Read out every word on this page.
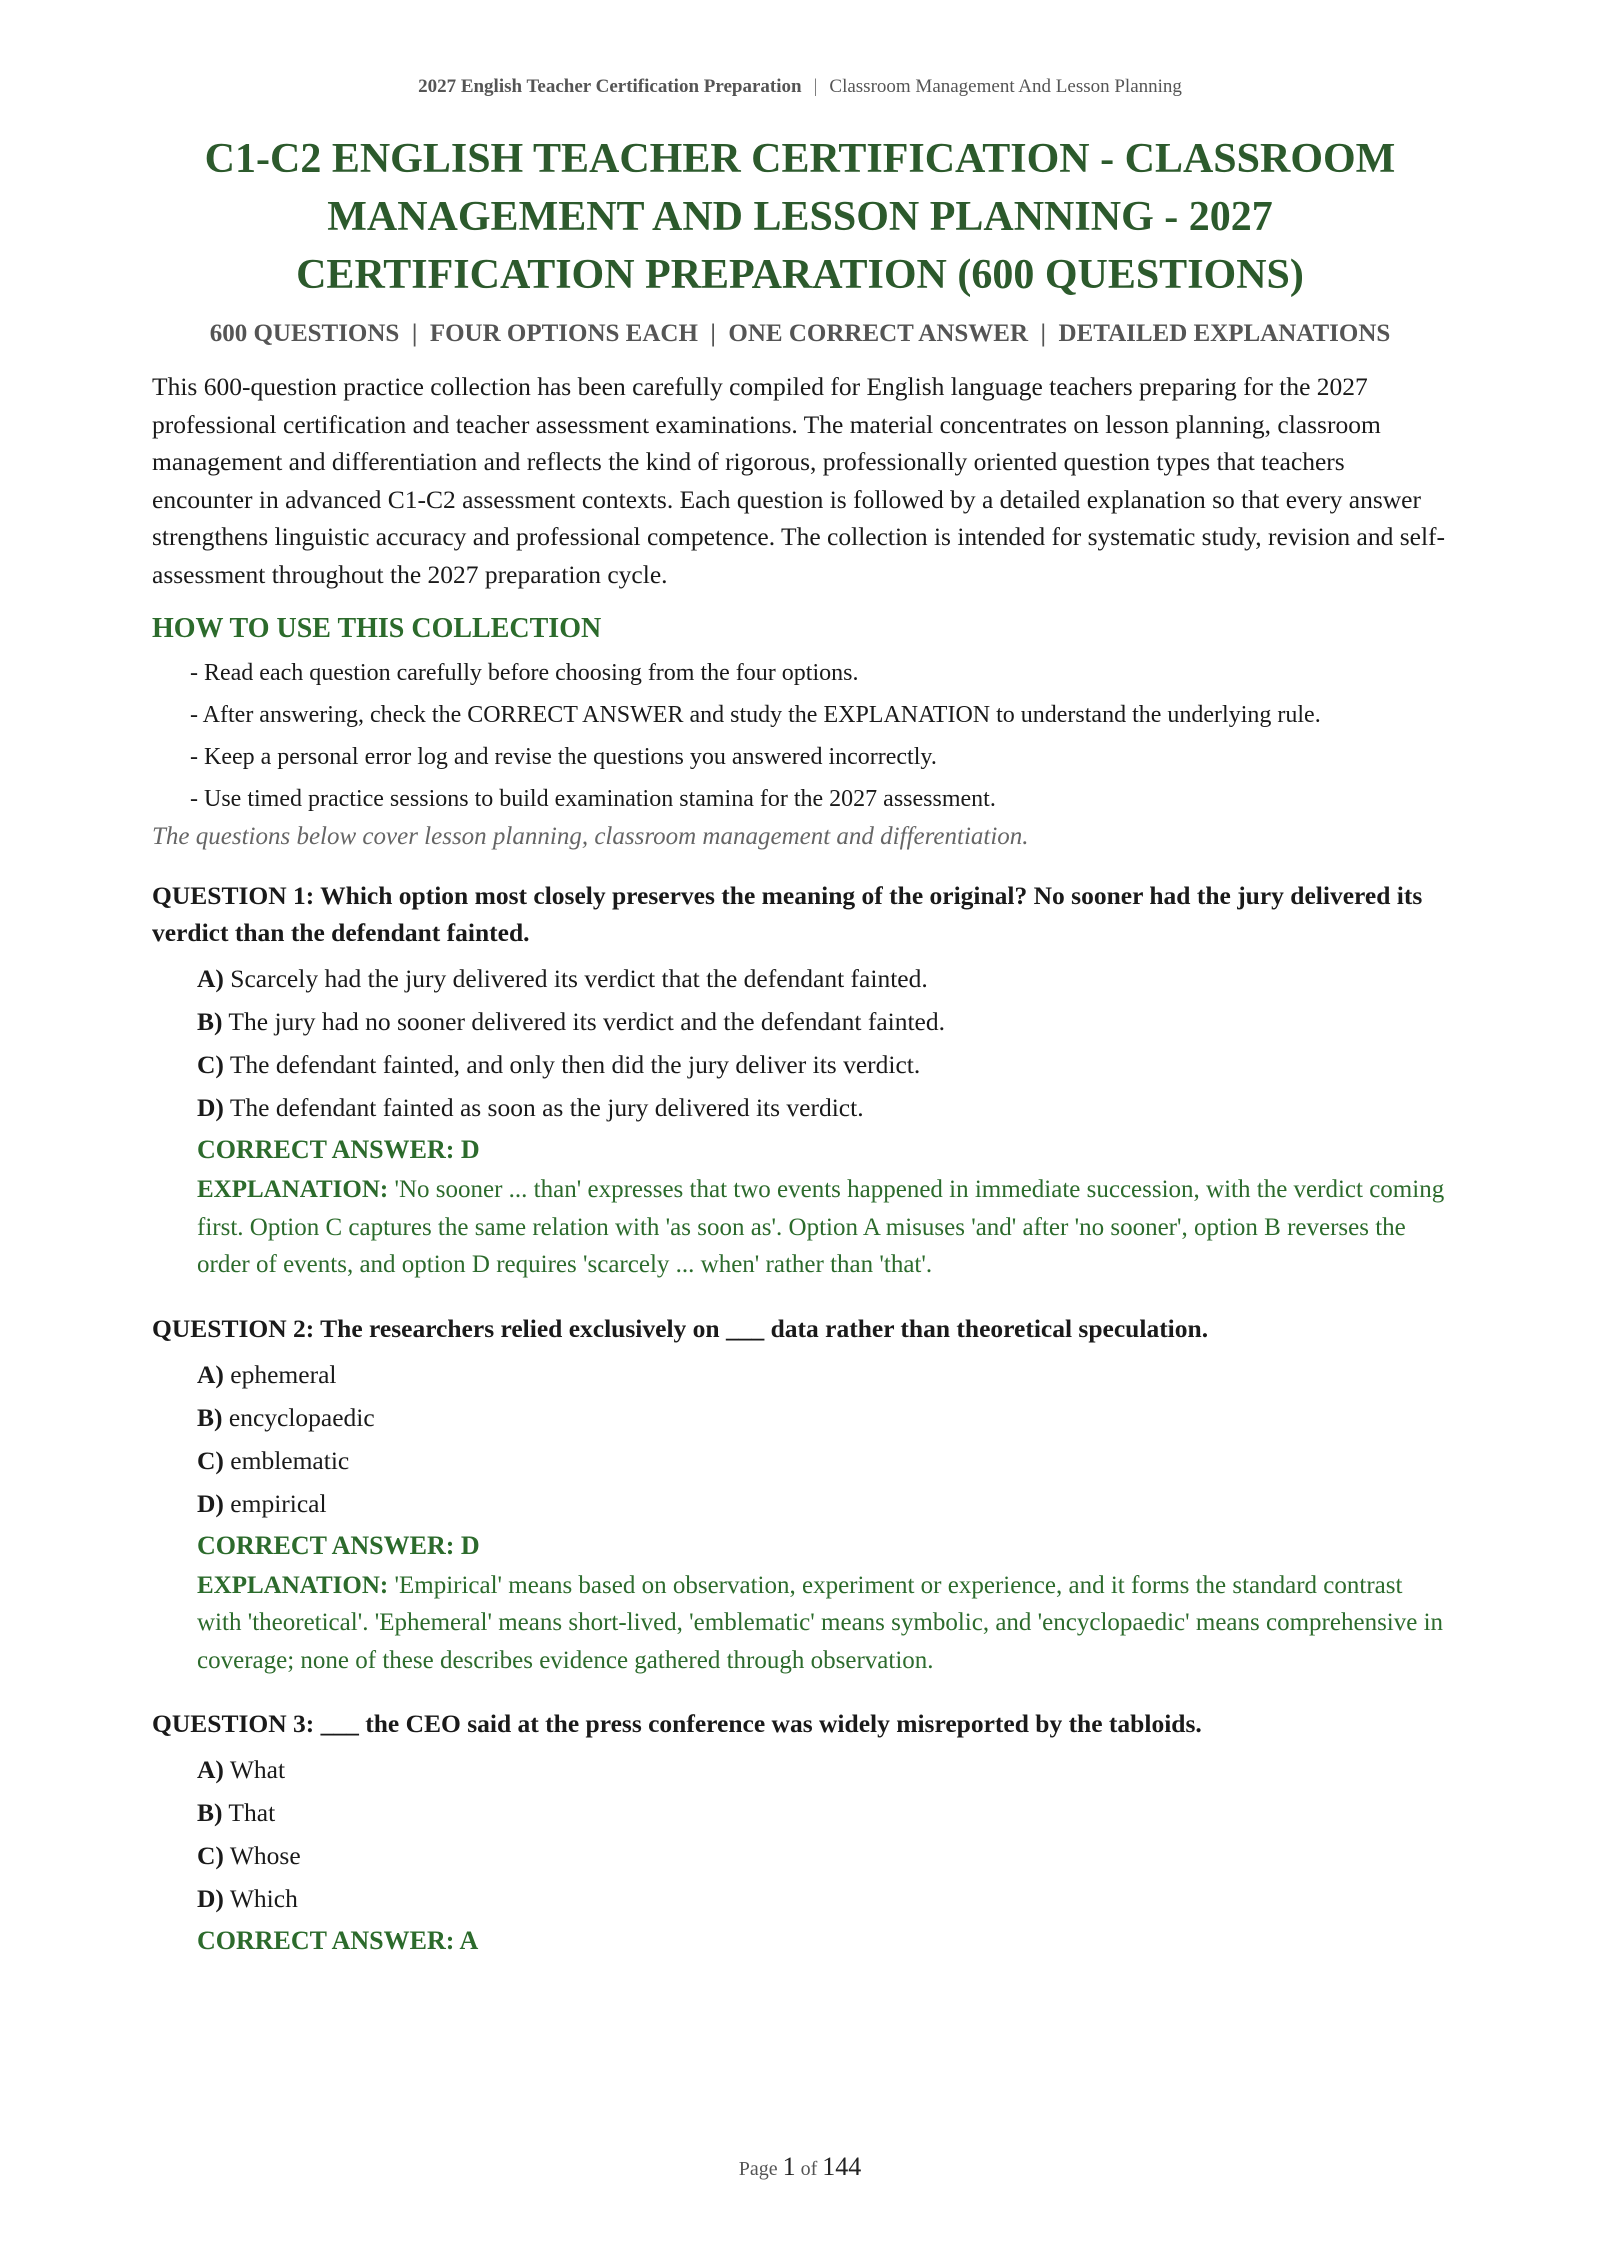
2027 English Teacher Certification Preparation | Classroom Management And Lesson Planning
C1-C2 ENGLISH TEACHER CERTIFICATION - CLASSROOM MANAGEMENT AND LESSON PLANNING - 2027 CERTIFICATION PREPARATION (600 QUESTIONS)
600 QUESTIONS  |  FOUR OPTIONS EACH  |  ONE CORRECT ANSWER  |  DETAILED EXPLANATIONS

This 600-question practice collection has been carefully compiled for English language teachers preparing for the 2027 professional certification and teacher assessment examinations. The material concentrates on lesson planning, classroom management and differentiation and reflects the kind of rigorous, professionally oriented question types that teachers encounter in advanced C1-C2 assessment contexts. Each question is followed by a detailed explanation so that every answer strengthens linguistic accuracy and professional competence. The collection is intended for systematic study, revision and self-assessment throughout the 2027 preparation cycle.

HOW TO USE THIS COLLECTION
- Read each question carefully before choosing from the four options.
- After answering, check the CORRECT ANSWER and study the EXPLANATION to understand the underlying rule.
- Keep a personal error log and revise the questions you answered incorrectly.
- Use timed practice sessions to build examination stamina for the 2027 assessment.
The questions below cover lesson planning, classroom management and differentiation.
QUESTION 1: Which option most closely preserves the meaning of the original? No sooner had the jury delivered its verdict than the defendant fainted.
A) Scarcely had the jury delivered its verdict that the defendant fainted.
B) The jury had no sooner delivered its verdict and the defendant fainted.
C) The defendant fainted, and only then did the jury deliver its verdict.
D) The defendant fainted as soon as the jury delivered its verdict.
CORRECT ANSWER: D
EXPLANATION: 'No sooner ... than' expresses that two events happened in immediate succession, with the verdict coming first. Option C captures the same relation with 'as soon as'. Option A misuses 'and' after 'no sooner', option B reverses the order of events, and option D requires 'scarcely ... when' rather than 'that'.
QUESTION 2: The researchers relied exclusively on ___ data rather than theoretical speculation.
A) ephemeral
B) encyclopaedic
C) emblematic
D) empirical
CORRECT ANSWER: D
EXPLANATION: 'Empirical' means based on observation, experiment or experience, and it forms the standard contrast with 'theoretical'. 'Ephemeral' means short-lived, 'emblematic' means symbolic, and 'encyclopaedic' means comprehensive in coverage; none of these describes evidence gathered through observation.
QUESTION 3: ___ the CEO said at the press conference was widely misreported by the tabloids.
A) What
B) That
C) Whose
D) Which
CORRECT ANSWER: A
Page 1 of 144
